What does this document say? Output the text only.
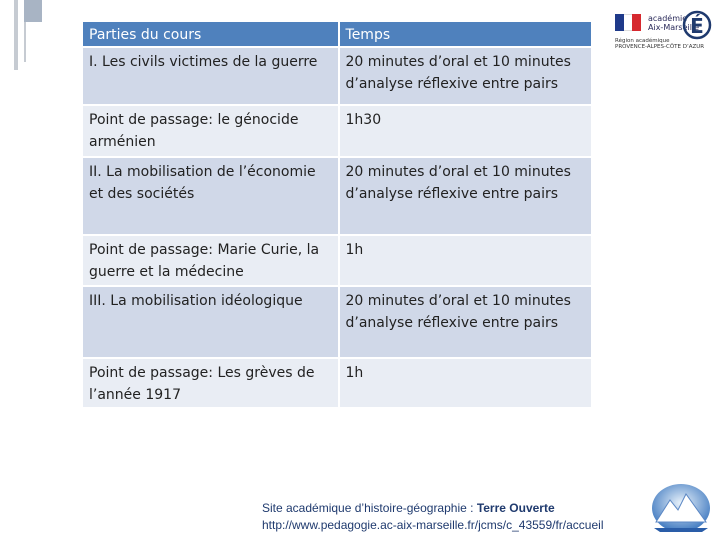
Parties du cours	Temps
I. Les civils victimes de la guerre	20 minutes d’oral et 10 minutes d’analyse réflexive entre pairs
Point de passage: le génocide arménien	1h30
II. La mobilisation de l’économie et des sociétés	20 minutes d’oral et 10 minutes d’analyse réflexive entre pairs
Point de passage: Marie Curie, la guerre et la médecine	1h
III. La mobilisation idéologique	20 minutes d’oral et 10 minutes d’analyse réflexive entre pairs
Point de passage: Les grèves de l’année 1917	1h
académie
Aix-Marseille
É
Région académique
PROVENCE-ALPES-CÔTE D’AZUR
Site académique d’histoire-géographie : Terre Ouverte
http://www.pedagogie.ac-aix-marseille.fr/jcms/c_43559/fr/accueil
